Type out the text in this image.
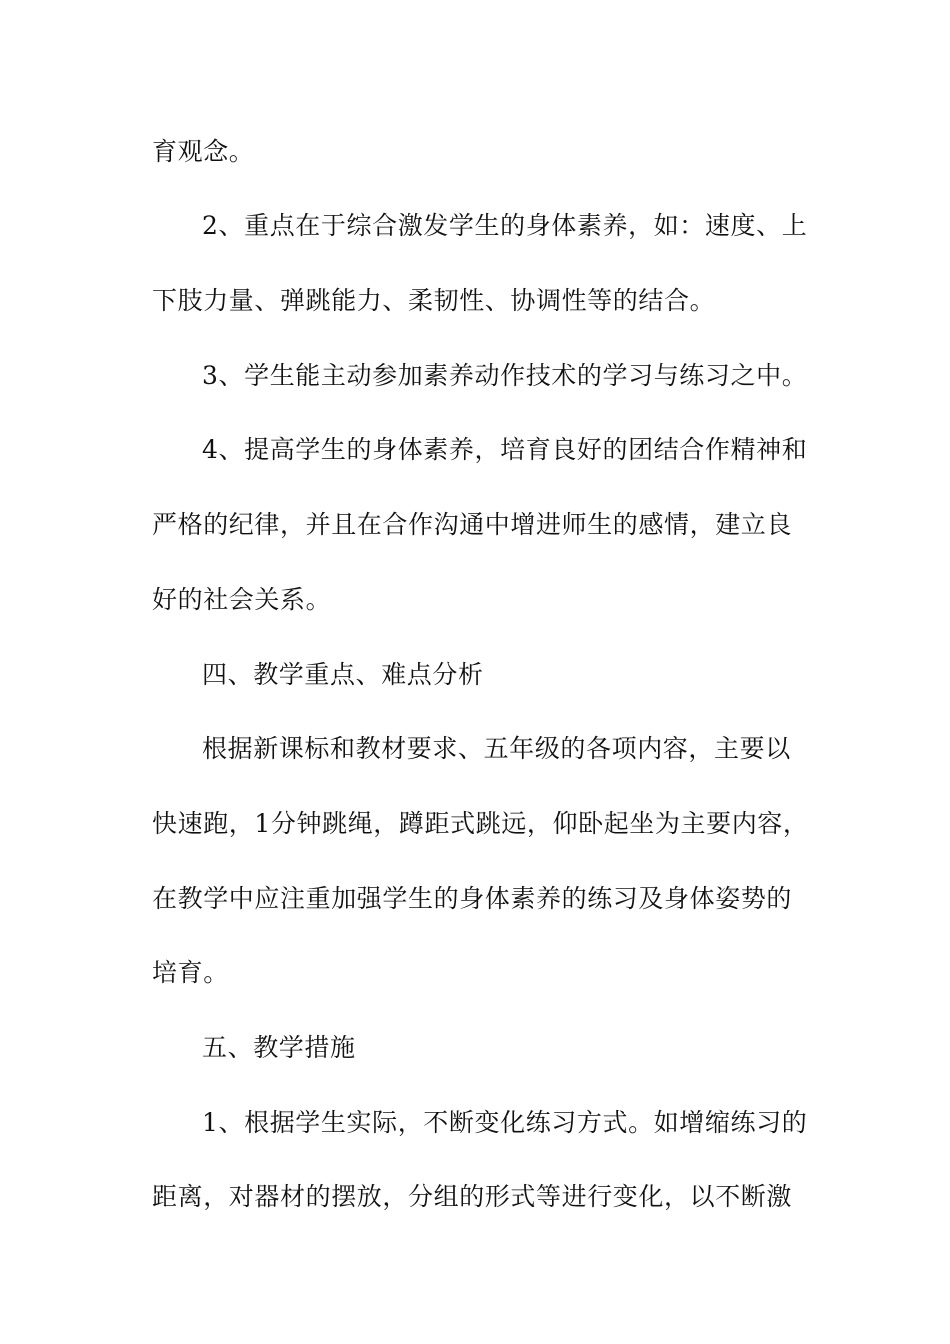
育观念。
2、重点在于综合激发学生的身体素养，如：速度、上
下肢力量、弹跳能力、柔韧性、协调性等的结合。
3、学生能主动参加素养动作技术的学习与练习之中。
4、提高学生的身体素养，培育良好的团结合作精神和
严格的纪律，并且在合作沟通中增进师生的感情，建立良
好的社会关系。
四、教学重点、难点分析
根据新课标和教材要求、五年级的各项内容，主要以
快速跑，1分钟跳绳，蹲距式跳远，仰卧起坐为主要内容，
在教学中应注重加强学生的身体素养的练习及身体姿势的
培育。
五、教学措施
1、根据学生实际，不断变化练习方式。如增缩练习的
距离，对器材的摆放，分组的形式等进行变化，以不断激
